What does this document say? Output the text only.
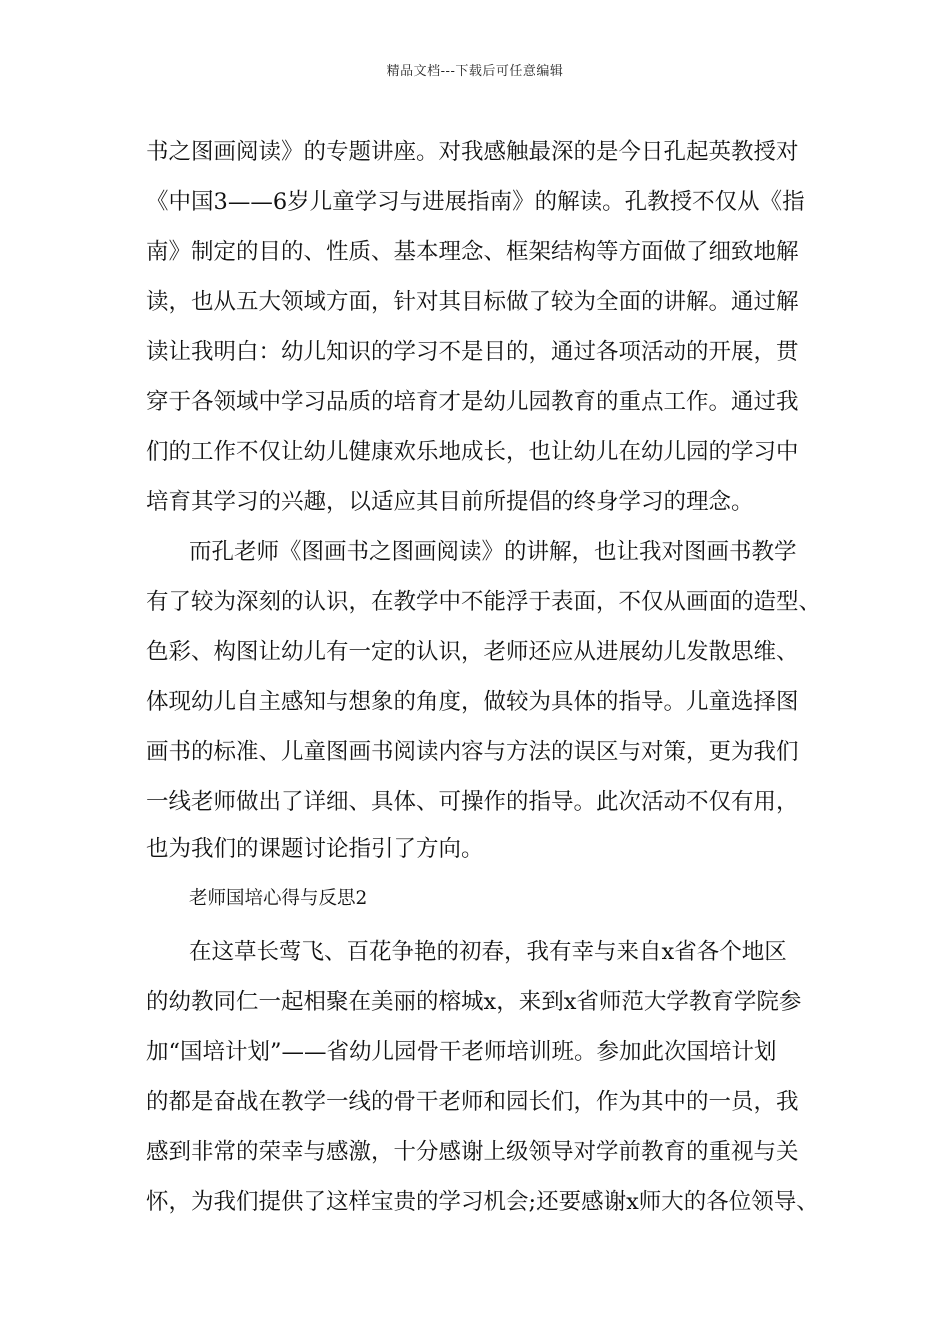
精品文档---下载后可任意编辑
书之图画阅读》的专题讲座。对我感触最深的是今日孔起英教授对
《中国3——6岁儿童学习与进展指南》的解读。孔教授不仅从《指
南》制定的目的、性质、基本理念、框架结构等方面做了细致地解
读，也从五大领域方面，针对其目标做了较为全面的讲解。通过解
读让我明白：幼儿知识的学习不是目的，通过各项活动的开展，贯
穿于各领域中学习品质的培育才是幼儿园教育的重点工作。通过我
们的工作不仅让幼儿健康欢乐地成长，也让幼儿在幼儿园的学习中
培育其学习的兴趣，以适应其目前所提倡的终身学习的理念。
而孔老师《图画书之图画阅读》的讲解，也让我对图画书教学
有了较为深刻的认识，在教学中不能浮于表面，不仅从画面的造型、
色彩、构图让幼儿有一定的认识，老师还应从进展幼儿发散思维、
体现幼儿自主感知与想象的角度，做较为具体的指导。儿童选择图
画书的标准、儿童图画书阅读内容与方法的误区与对策，更为我们
一线老师做出了详细、具体、可操作的指导。此次活动不仅有用，
也为我们的课题讨论指引了方向。
老师国培心得与反思2
在这草长莺飞、百花争艳的初春，我有幸与来自x省各个地区
的幼教同仁一起相聚在美丽的榕城x，来到x省师范大学教育学院参
加“国培计划”——省幼儿园骨干老师培训班。参加此次国培计划
的都是奋战在教学一线的骨干老师和园长们，作为其中的一员，我
感到非常的荣幸与感激，十分感谢上级领导对学前教育的重视与关
怀，为我们提供了这样宝贵的学习机会;还要感谢x师大的各位领导、
